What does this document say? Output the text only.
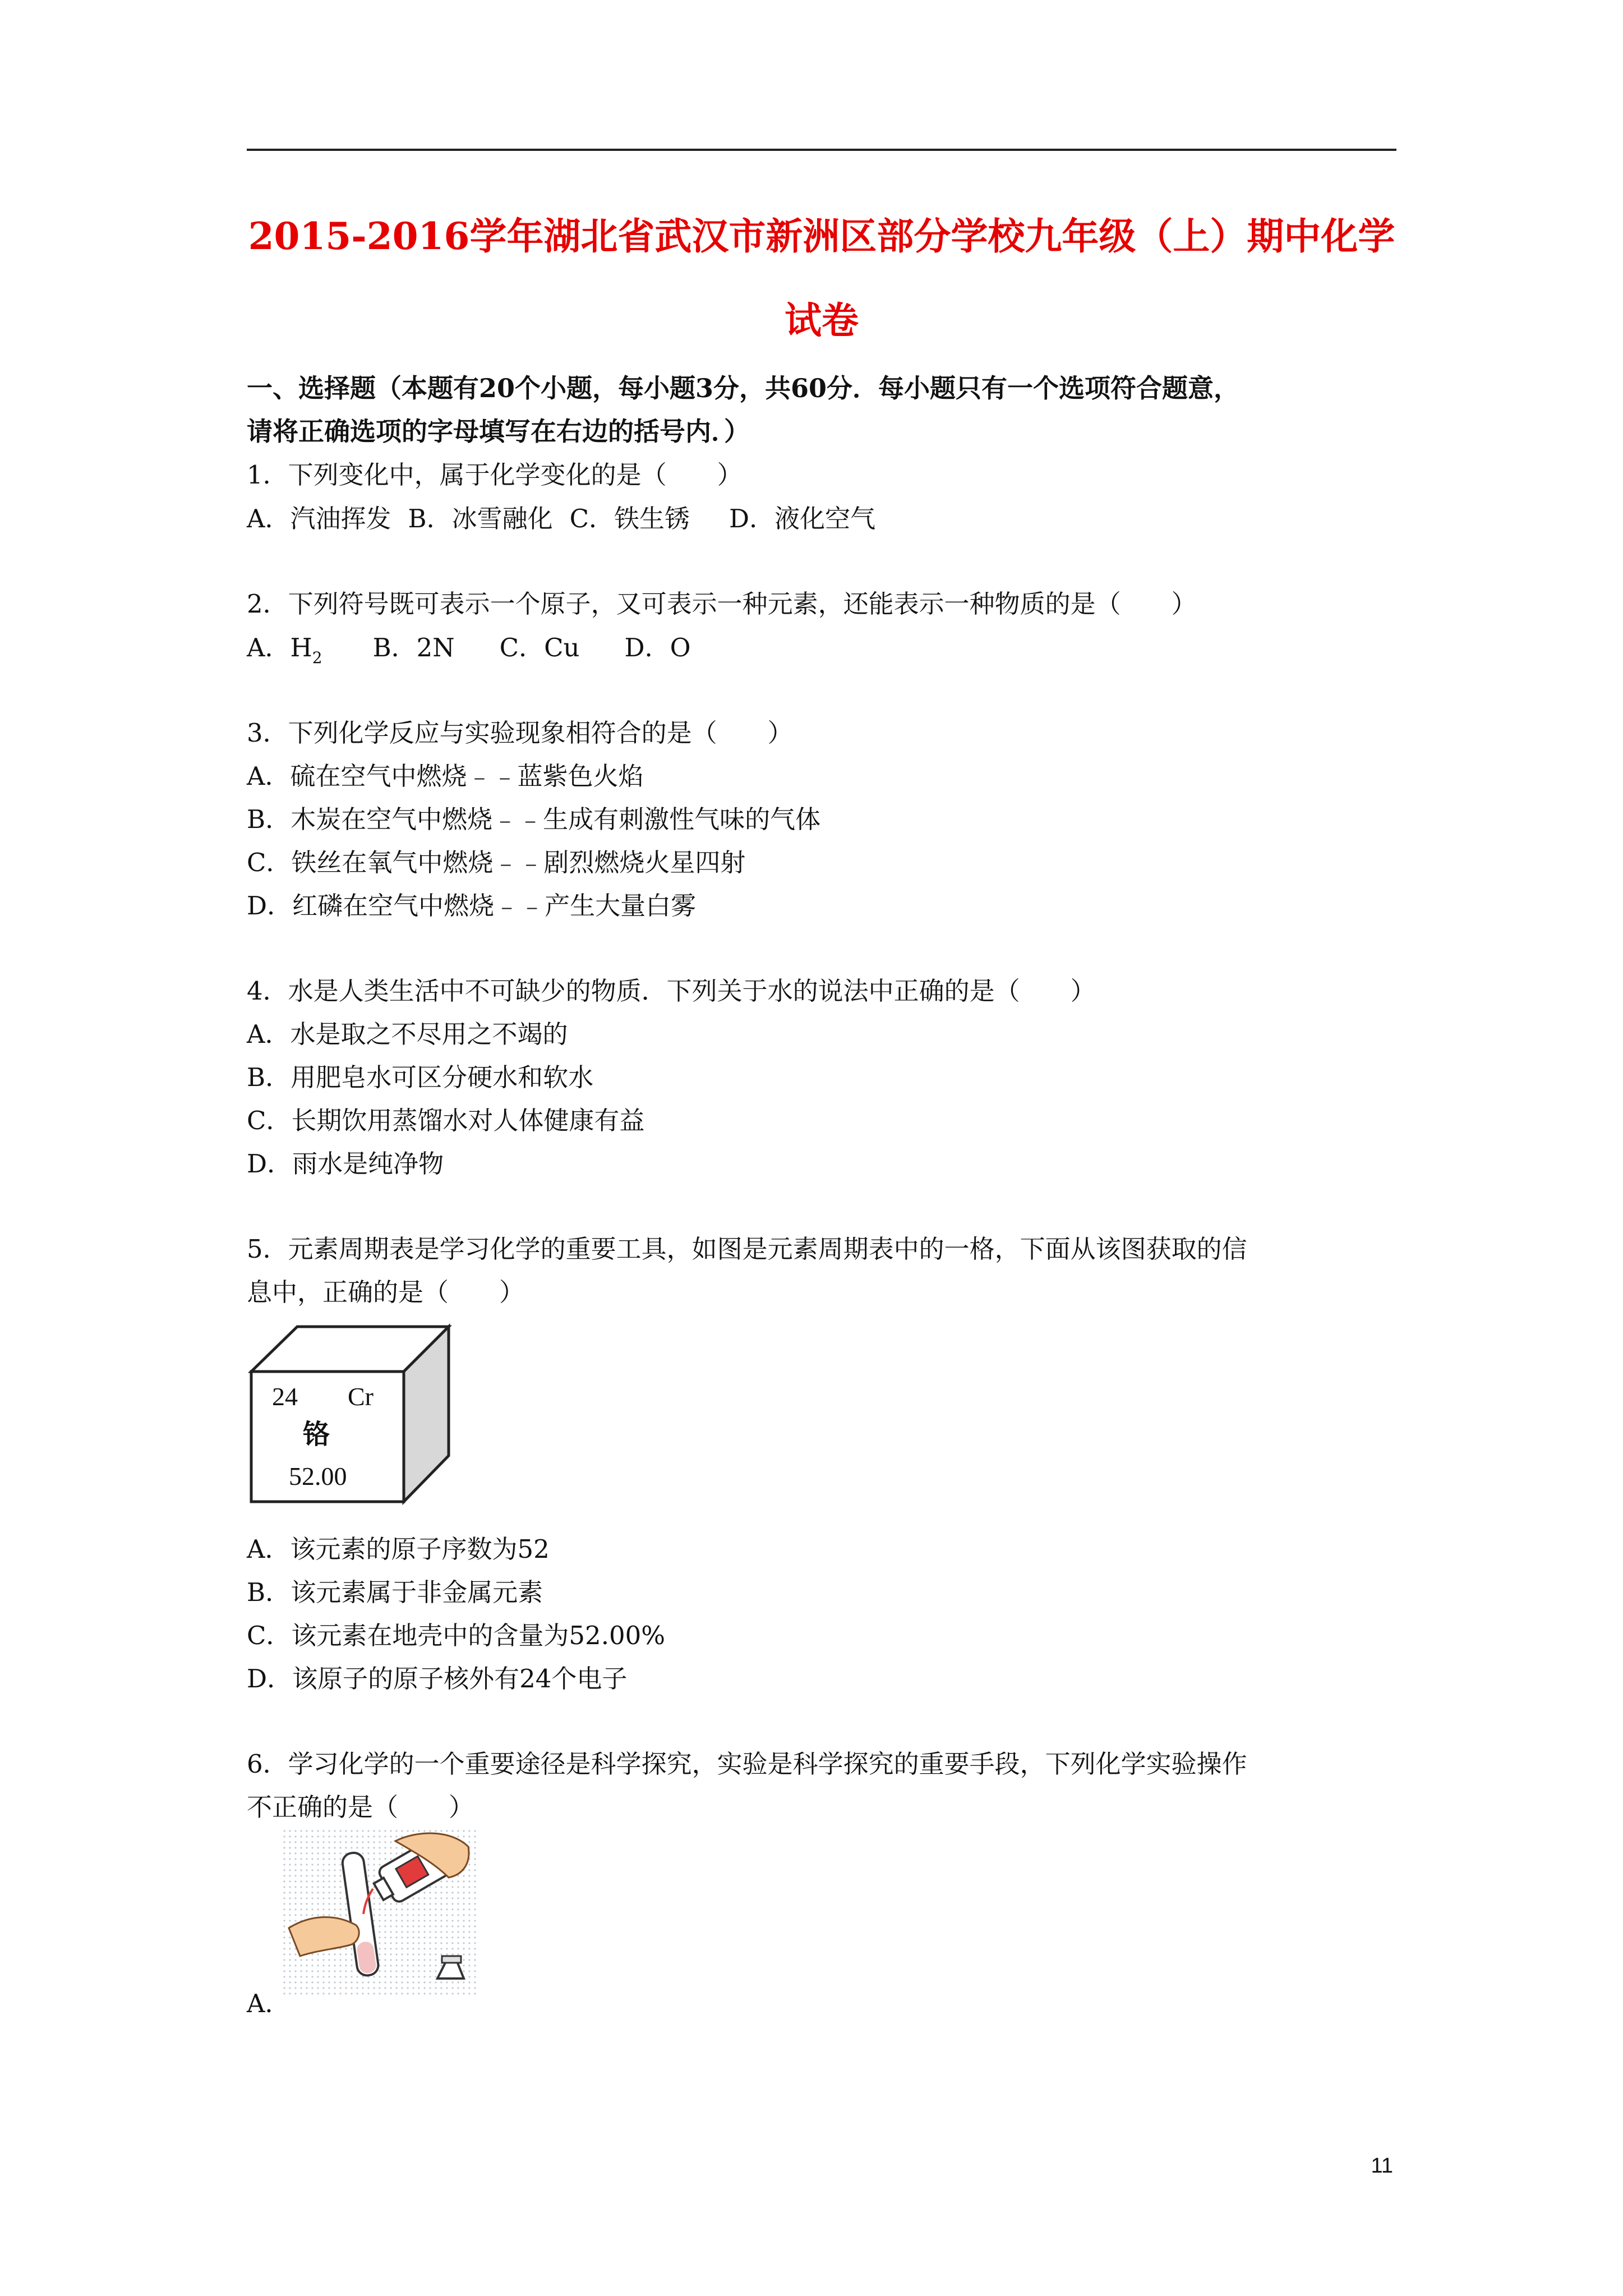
2015-2016学年湖北省武汉市新洲区部分学校九年级（上）期中化学
试卷
一、选择题（本题有20个小题，每小题3分，共60分．每小题只有一个选项符合题意，
请将正确选项的字母填写在右边的括号内．）
1．下列变化中，属于化学变化的是（　　）
A．汽油挥发 B．冰雪融化 C．铁生锈 D．液化空气
2．下列符号既可表示一个原子，又可表示一种元素，还能表示一种物质的是（　　）
A．$H_2$ B．2N C．Cu D．O
3．下列化学反应与实验现象相符合的是（　　）
A．硫在空气中燃烧﹣﹣蓝紫色火焰
B．木炭在空气中燃烧﹣﹣生成有刺激性气味的气体
C．铁丝在氧气中燃烧﹣﹣剧烈燃烧火星四射
D．红磷在空气中燃烧﹣﹣产生大量白雾
4．水是人类生活中不可缺少的物质．下列关于水的说法中正确的是（　　）
A．水是取之不尽用之不竭的
B．用肥皂水可区分硬水和软水
C．长期饮用蒸馏水对人体健康有益
D．雨水是纯净物
5．元素周期表是学习化学的重要工具，如图是元素周期表中的一格，下面从该图获取的信
息中，正确的是（　　）
24 Cr
铬
52.00
A．该元素的原子序数为52
B．该元素属于非金属元素
C．该元素在地壳中的含量为52.00%
D．该原子的原子核外有24个电子
6．学习化学的一个重要途径是科学探究，实验是科学探究的重要手段，下列化学实验操作
不正确的是（　　）
A．
11
